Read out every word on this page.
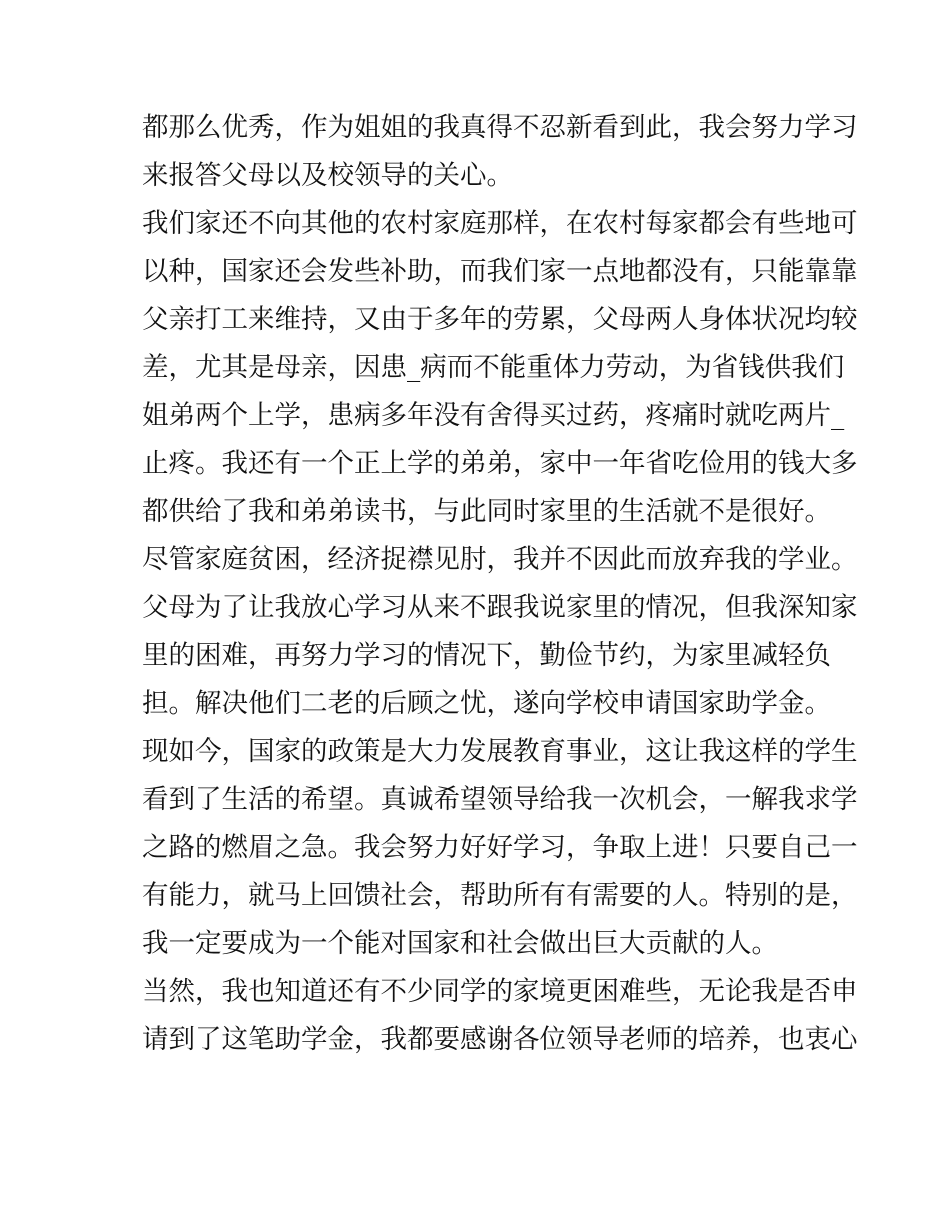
都那么优秀，作为姐姐的我真得不忍新看到此，我会努力学习
来报答父母以及校领导的关心。
我们家还不向其他的农村家庭那样，在农村每家都会有些地可
以种，国家还会发些补助，而我们家一点地都没有，只能靠靠
父亲打工来维持，又由于多年的劳累，父母两人身体状况均较
差，尤其是母亲，因患_病而不能重体力劳动，为省钱供我们
姐弟两个上学，患病多年没有舍得买过药，疼痛时就吃两片_
止疼。我还有一个正上学的弟弟，家中一年省吃俭用的钱大多
都供给了我和弟弟读书，与此同时家里的生活就不是很好。
尽管家庭贫困，经济捉襟见肘，我并不因此而放弃我的学业。
父母为了让我放心学习从来不跟我说家里的情况，但我深知家
里的困难，再努力学习的情况下，勤俭节约，为家里减轻负
担。解决他们二老的后顾之忧，遂向学校申请国家助学金。
现如今，国家的政策是大力发展教育事业，这让我这样的学生
看到了生活的希望。真诚希望领导给我一次机会，一解我求学
之路的燃眉之急。我会努力好好学习，争取上进！只要自己一
有能力，就马上回馈社会，帮助所有有需要的人。特别的是，
我一定要成为一个能对国家和社会做出巨大贡献的人。
当然，我也知道还有不少同学的家境更困难些，无论我是否申
请到了这笔助学金，我都要感谢各位领导老师的培养，也衷心
